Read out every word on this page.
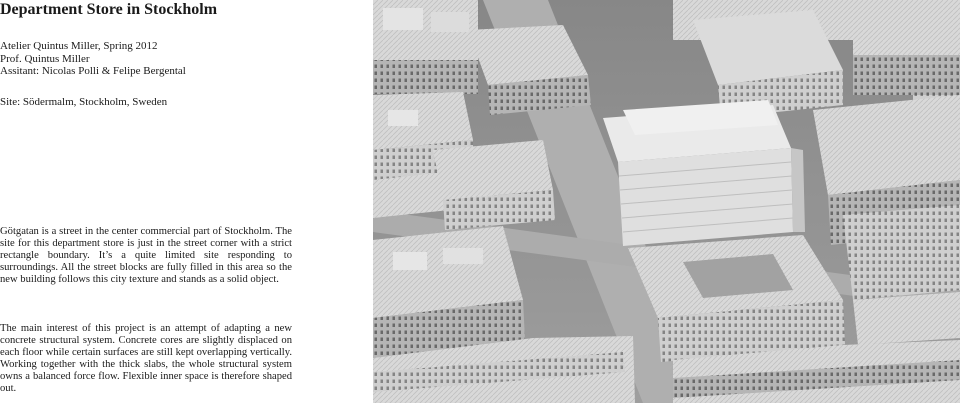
Department Store in Stockholm
Atelier Quintus Miller, Spring 2012
Prof. Quintus Miller
Assitant: Nicolas Polli & Felipe Bergental
Site: Södermalm, Stockholm, Sweden

Götgatan is a street in the center commercial part of Stockholm. The site for this department store is just in the street corner with a strict rectangle boundary. It’s a quite limited site responding to surroundings. All the street blocks are fully filled in this area so the new building follows this city texture and stands as a solid object.

The main interest of this project is an attempt of adapting a new concrete structural system. Concrete cores are slightly displaced on each floor while certain surfaces are still kept overlapping vertically. Working together with the thick slabs, the whole structural system owns a balanced force flow. Flexible inner space is therefore shaped out.
